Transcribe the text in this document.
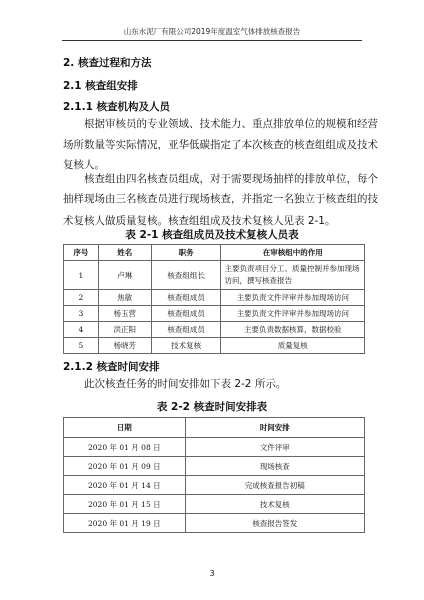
山东水泥厂有限公司2019年度温室气体排放核查报告
2. 核查过程和方法
2.1 核查组安排
2.1.1 核查机构及人员
根据审核员的专业领域、技术能力、重点排放单位的规模和经营
场所数量等实际情况，亚华低碳指定了本次核查的核查组组成及技术
复核人。
核查组由四名核查员组成，对于需要现场抽样的排放单位，每个
抽样现场由三名核查员进行现场核查，并指定一名独立于核查组的技
术复核人做质量复核。核查组组成及技术复核人见表 2-1。
表 2-1 核查组成员及技术复核人员表
序号	姓名	职务	在审核组中的作用
1	卢琳	核查组组长	主要负责项目分工、质量控制并参加现场访问，撰写核查报告
2	焦敏	核查组成员	主要负责文件评审并参加现场访问
3	杨玉营	核查组成员	主要负责文件评审并参加现场访问
4	洪正阳	核查组成员	主要负责数据核算，数据校验
5	杨晓芳	技术复核	质量复核
2.1.2 核查时间安排
此次核查任务的时间安排如下表 2-2 所示。
表 2-2 核查时间安排表
日期	时间安排
2020 年 01 月 08 日	文件评审
2020 年 01 月 09 日	现场核查
2020 年 01 月 14 日	完成核查报告初稿
2020 年 01 月 15 日	技术复核
2020 年 01 月 19 日	核查报告签发
3
